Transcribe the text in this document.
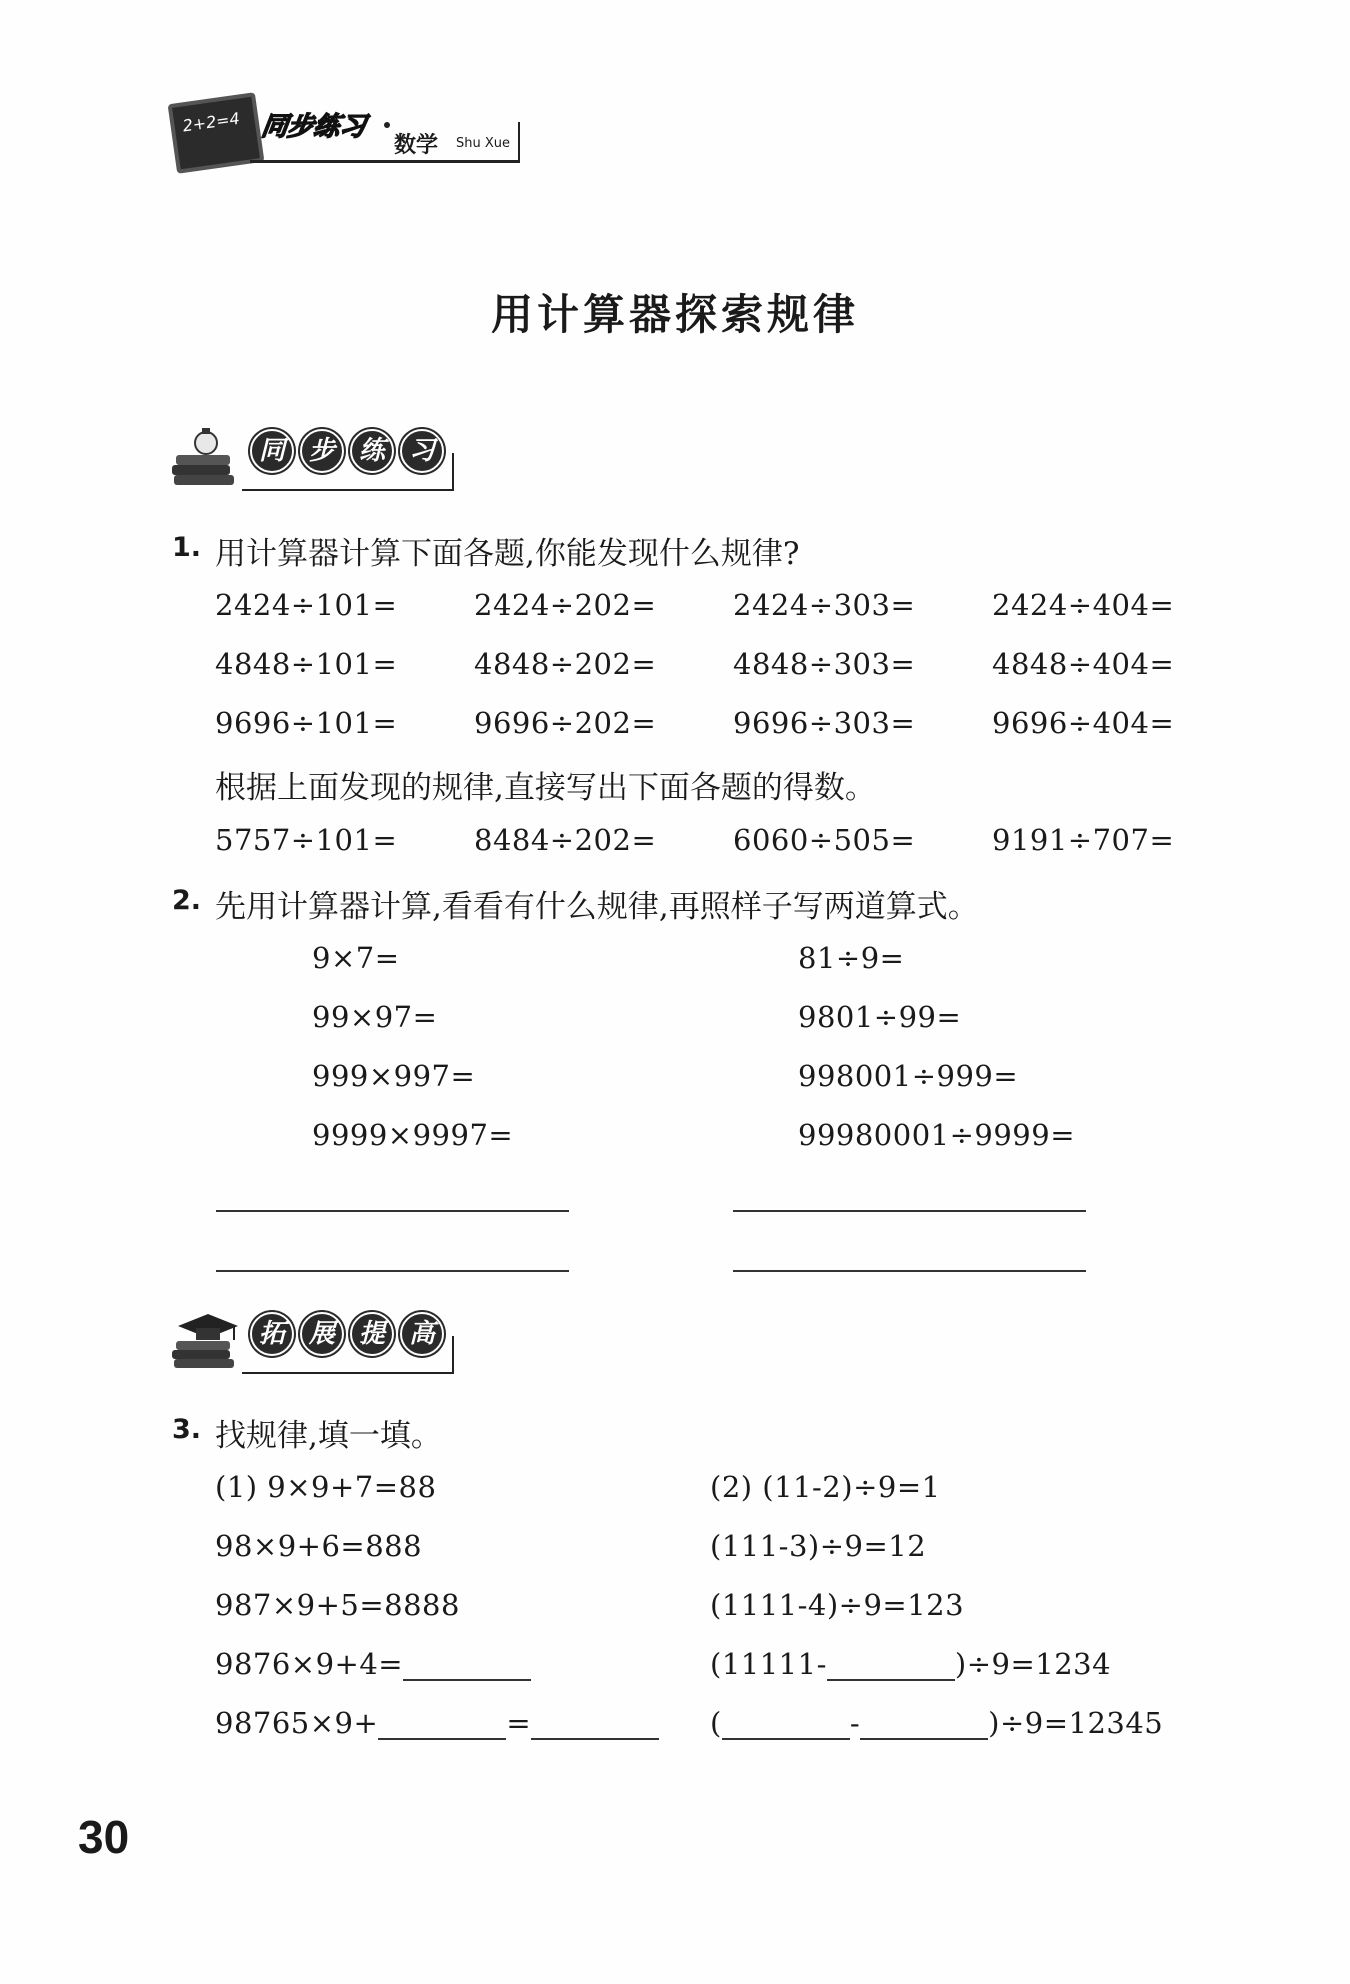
2+2=4 同步练习
数学 Shu Xue
用计算器探索规律
同 步 练 习
1. 用计算器计算下面各题,你能发现什么规律?
2424÷101=	2424÷202=	2424÷303=	2424÷404=
4848÷101=	4848÷202=	4848÷303=	4848÷404=
9696÷101=	9696÷202=	9696÷303=	9696÷404=
根据上面发现的规律,直接写出下面各题的得数。
5757÷101=	8484÷202=	6060÷505=	9191÷707=
2. 先用计算器计算,看看有什么规律,再照样子写两道算式。
9×7=
99×97=
999×997=
9999×9997=
81÷9=
9801÷99=
998001÷999=
99980001÷9999=
拓 展 提 高
3. 找规律,填一填。
(1) 9×9+7=88
98×9+6=888
987×9+5=8888
9876×9+4=
98765×9+	=
(2) (11-2)÷9=1
(111-3)÷9=12
(1111-4)÷9=123
(11111-	)÷9=1234
(	-	)÷9=12345
30
